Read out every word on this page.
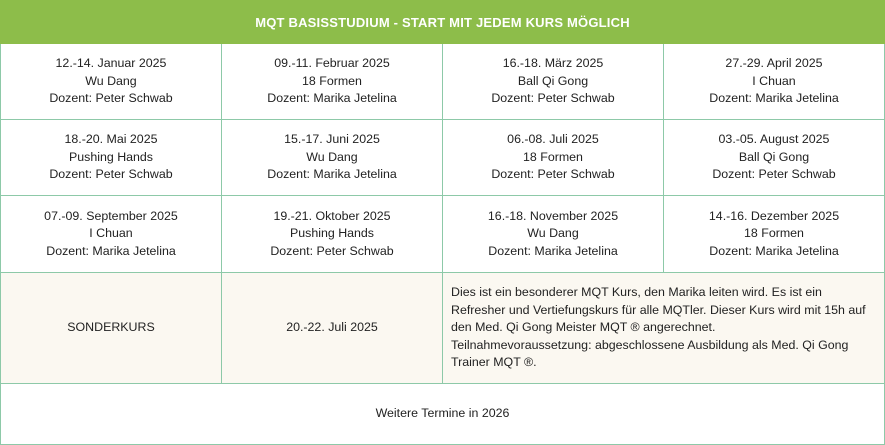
MQT BASISSTUDIUM - START MIT JEDEM KURS MÖGLICH
12.-14. Januar 2025
Wu Dang
Dozent: Peter Schwab
09.-11. Februar 2025
18 Formen
Dozent: Marika Jetelina
16.-18. März 2025
Ball Qi Gong
Dozent: Peter Schwab
27.-29. April 2025
I Chuan
Dozent: Marika Jetelina
18.-20. Mai 2025
Pushing Hands
Dozent: Peter Schwab
15.-17. Juni 2025
Wu Dang
Dozent: Marika Jetelina
06.-08. Juli 2025
18 Formen
Dozent: Peter Schwab
03.-05. August 2025
Ball Qi Gong
Dozent: Peter Schwab
07.-09. September 2025
I Chuan
Dozent: Marika Jetelina
19.-21. Oktober 2025
Pushing Hands
Dozent: Peter Schwab
16.-18. November 2025
Wu Dang
Dozent: Marika Jetelina
14.-16. Dezember 2025
18 Formen
Dozent: Marika Jetelina
SONDERKURS	20.-22. Juli 2025
Dies ist ein besonderer MQT Kurs, den Marika leiten wird. Es ist ein
Refresher und Vertiefungskurs für alle MQTler. Dieser Kurs wird mit 15h auf
den Med. Qi Gong Meister MQT ® angerechnet.
Teilnahmevoraussetzung: abgeschlossene Ausbildung als Med. Qi Gong
Trainer MQT ®.
Weitere Termine in 2026
